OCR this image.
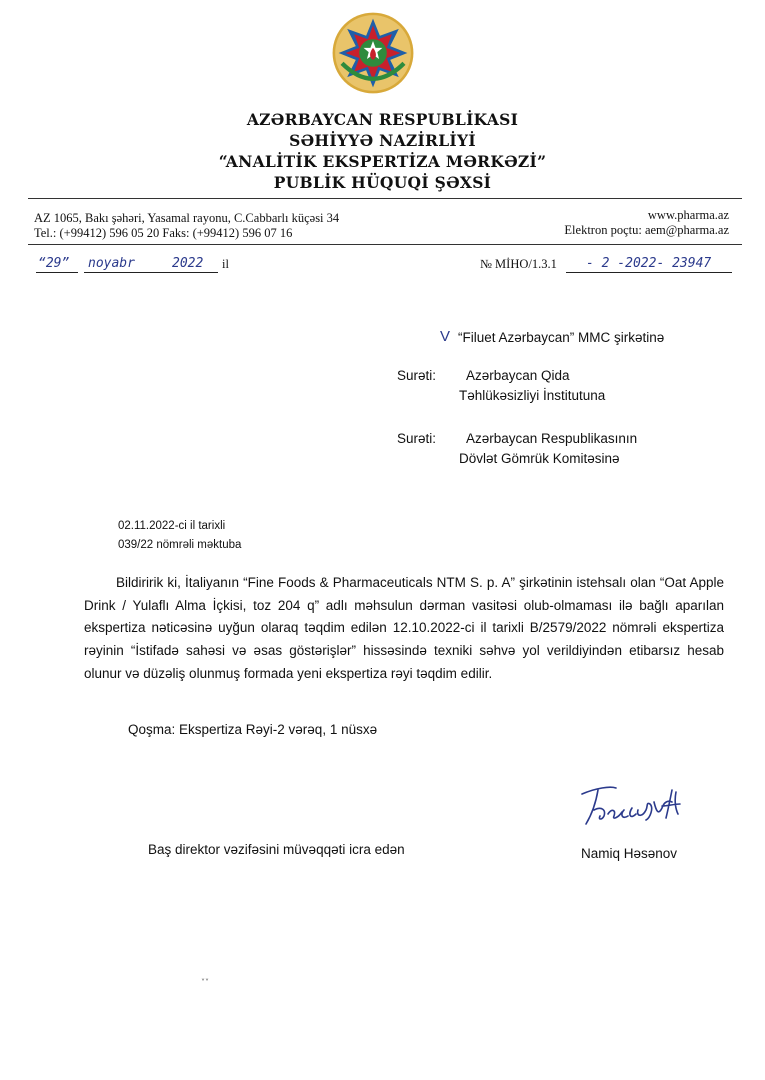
AZƏRBAYCAN RESPUBLİKASI
SƏHİYYƏ NAZİRLİYİ
“ANALİTİK EKSPERTİZA MƏRKƏZİ”
PUBLİK HÜQUQİ ŞƏXSİ
AZ 1065, Bakı şəhəri, Yasamal rayonu, C.Cabbarlı küçəsi 34
Tel.: (+99412) 596 05 20 Faks: (+99412) 596 07 16
www.pharma.az
Elektron poçtu: aem@pharma.az
“29” noyabr	2022 il	№ MİHO/1.3.1 - 2 -2022- 23947
V “Filuet Azərbaycan” MMC şirkətinə
Surəti: Azərbaycan Qida
Təhlükəsizliyi İnstitutuna
Surəti: Azərbaycan Respublikasının
Dövlət Gömrük Komitəsinə
02.11.2022-ci il tarixli
039/22 nömrəli məktuba

Bildiririk ki, İtaliyanın “Fine Foods & Pharmaceuticals NTM S. p. A” şirkətinin istehsalı olan “Oat Apple Drink / Yulaflı Alma İçkisi, toz 204 q” adlı məhsulun dərman vasitəsi olub-olmaması ilə bağlı aparılan ekspertiza nəticəsinə uyğun olaraq təqdim edilən 12.10.2022-ci il tarixli B/2579/2022 nömrəli ekspertiza rəyinin “İstifadə sahəsi və əsas göstərişlər” hissəsində texniki səhvə yol verildiyindən etibarsız hesab olunur və düzəliş olunmuş formada yeni ekspertiza rəyi təqdim edilir.

Qoşma: Ekspertiza Rəyi-2 vərəq, 1 nüsxə
Baş direktor vəzifəsini müvəqqəti icra edən	Namiq Həsənov
˅˅
